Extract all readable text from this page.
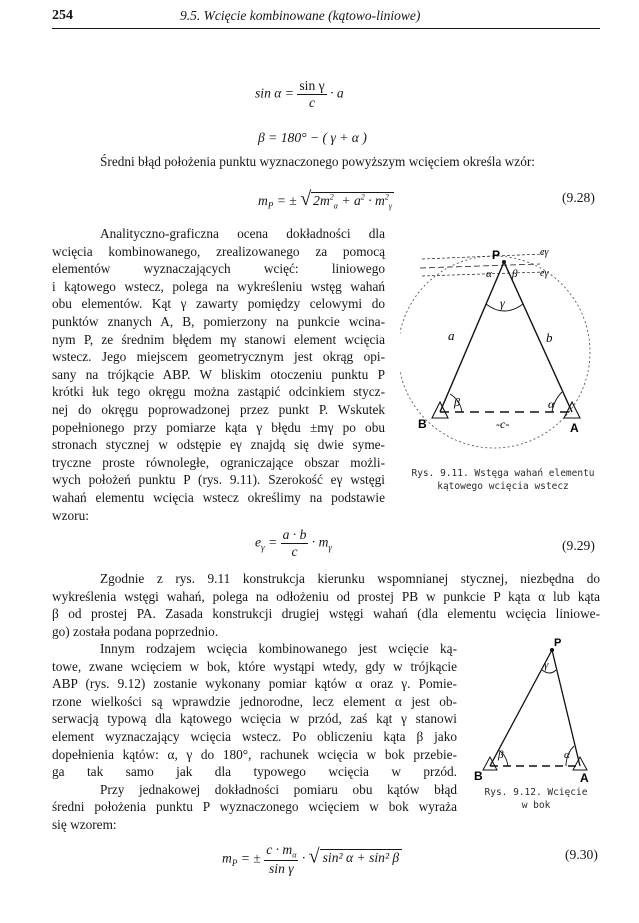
254	9.5. Wcięcie kombinowane (kątowo-liniowe)
$\sin \alpha = \frac{\text{sin γ}}{c} \cdot a$
β = 180° − ( γ + α )
Średni błąd położenia punktu wyznaczonego powyższym wcięciem określa wzór:
$m_P$ = ± √ $2m^2_\alpha + a^2 \cdot m^2_\gamma$
(9.28)
Analityczno-graficzna ocena dokładności dla
wcięcia kombinowanego, zrealizowanego za pomocą
elementów wyznaczających wcięć: liniowego
i kątowego wstecz, polega na wykreśleniu wstęg wahań
obu elementów. Kąt γ zawarty pomiędzy celowymi do
punktów znanych A, B, pomierzony na punkcie wcina-
nym P, ze średnim błędem mγ stanowi element wcięcia
wstecz. Jego miejscem geometrycznym jest okrąg opi-
sany na trójkącie ABP. W bliskim otoczeniu punktu P
krótki łuk tego okręgu można zastąpić odcinkiem stycz-
nej do okręgu poprowadzonej przez punkt P. Wskutek
popełnionego przy pomiarze kąta γ błędu ±mγ po obu
stronach stycznej w odstępie eγ znajdą się dwie syme-
tryczne proste równoległe, ograniczające obszar możli-
wych położeń punktu P (rys. 9.11). Szerokość eγ wstęgi
wahań elementu wcięcia wstecz określimy na podstawie
wzoru:
P
α β
eγ
eγ
γ
a	b
β	α
B	-c-	A
Rys. 9.11. Wstęga wahań elementu
kątowego wcięcia wstecz
$e_\gamma = \frac{a \cdot b}{c} \cdot m_\gamma$	(9.29)
Zgodnie z rys. 9.11 konstrukcja kierunku wspomnianej stycznej, niezbędna do
wykreślenia wstęgi wahań, polega na odłożeniu od prostej PB w punkcie P kąta α lub kąta
β od prostej PA. Zasada konstrukcji drugiej wstęgi wahań (dla elementu wcięcia liniowe-
go) została podana poprzednio.
Innym rodzajem wcięcia kombinowanego jest wcięcie ką-
towe, zwane wcięciem w bok, które wystąpi wtedy, gdy w trójkącie
ABP (rys. 9.12) zostanie wykonany pomiar kątów α oraz γ. Pomie-
rzone wielkości są wprawdzie jednorodne, lecz element α jest ob-
serwacją typową dla kątowego wcięcia w przód, zaś kąt γ stanowi
element wyznaczający wcięcia wstecz. Po obliczeniu kąta β jako
dopełnienia kątów: α, γ do 180°, rachunek wcięcia w bok przebie-
ga tak samo jak dla typowego wcięcia w przód.
Przy jednakowej dokładności pomiaru obu kątów błąd
średni położenia punktu P wyznaczonego wcięciem w bok wyraża
się wzorem:
P
γ
β	α
B	A
Rys. 9.12. Wcięcie
w bok
$m_P$ = ± $\frac{c \cdot m_\alpha}{\text{sin γ}}$ · √ sin² α + sin² β	(9.30)
